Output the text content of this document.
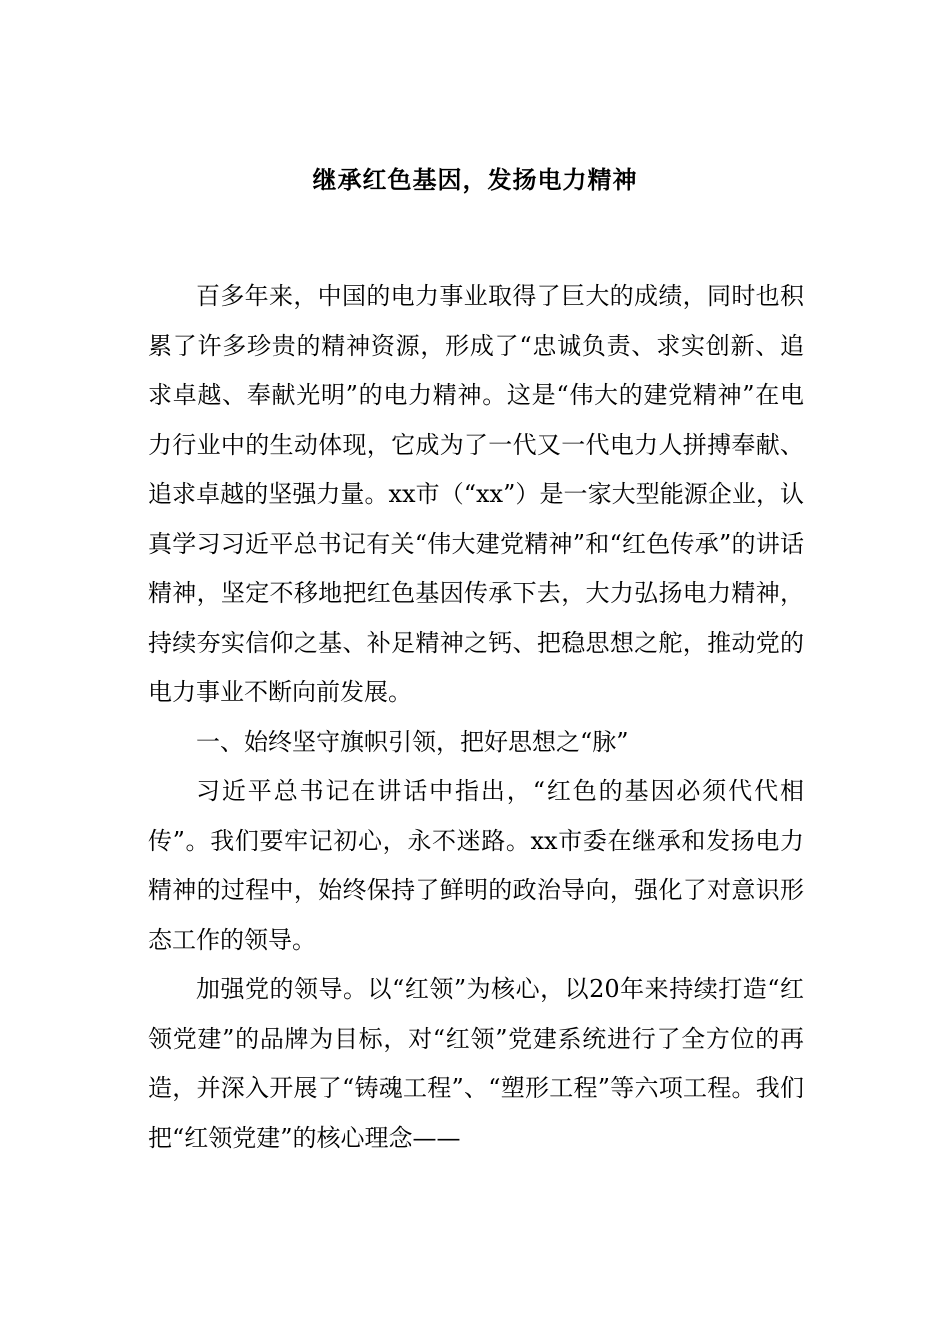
继承红色基因，发扬电力精神

百多年来，中国的电力事业取得了巨大的成绩，同时也积累了许多珍贵的精神资源，形成了“忠诚负责、求实创新、追求卓越、奉献光明”的电力精神。这是“伟大的建党精神”在电力行业中的生动体现，它成为了一代又一代电力人拼搏奉献、追求卓越的坚强力量。xx市（“xx”）是一家大型能源企业，认真学习习近平总书记有关“伟大建党精神”和“红色传承”的讲话精神，坚定不移地把红色基因传承下去，大力弘扬电力精神，持续夯实信仰之基、补足精神之钙、把稳思想之舵，推动党的电力事业不断向前发展。

一、始终坚守旗帜引领，把好思想之“脉”

习近平总书记在讲话中指出，“红色的基因必须代代相传”。我们要牢记初心，永不迷路。xx市委在继承和发扬电力精神的过程中，始终保持了鲜明的政治导向，强化了对意识形态工作的领导。

加强党的领导。以“红领”为核心，以20年来持续打造“红领党建”的品牌为目标，对“红领”党建系统进行了全方位的再造，并深入开展了“铸魂工程”、“塑形工程”等六项工程。我们把“红领党建”的核心理念——
